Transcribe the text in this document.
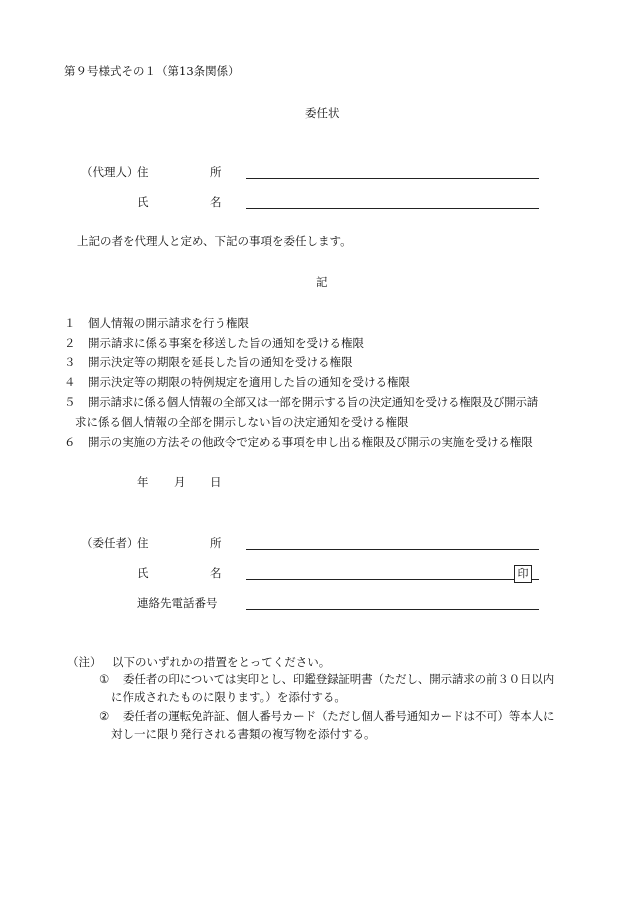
第９号様式その１（第13条関係）
委任状
（代理人）
住	所
氏	名
上記の者を代理人と定め、下記の事項を委任します。
記
１ 個人情報の開示請求を行う権限
２ 開示請求に係る事案を移送した旨の通知を受ける権限
３ 開示決定等の期限を延長した旨の通知を受ける権限
４ 開示決定等の期限の特例規定を適用した旨の通知を受ける権限
５ 開示請求に係る個人情報の全部又は一部を開示する旨の決定通知を受ける権限及び開示請
求に係る個人情報の全部を開示しない旨の決定通知を受ける権限
６ 開示の実施の方法その他政令で定める事項を申し出る権限及び開示の実施を受ける権限
年 月 日
（委任者）
住	所
氏	名	印
連絡先電話番号
（注） 以下のいずれかの措置をとってください。
① 委任者の印については実印とし、印鑑登録証明書（ただし、開示請求の前３０日以内
に作成されたものに限ります。）を添付する。
② 委任者の運転免許証、個人番号カード（ただし個人番号通知カードは不可）等本人に
対し一に限り発行される書類の複写物を添付する。
